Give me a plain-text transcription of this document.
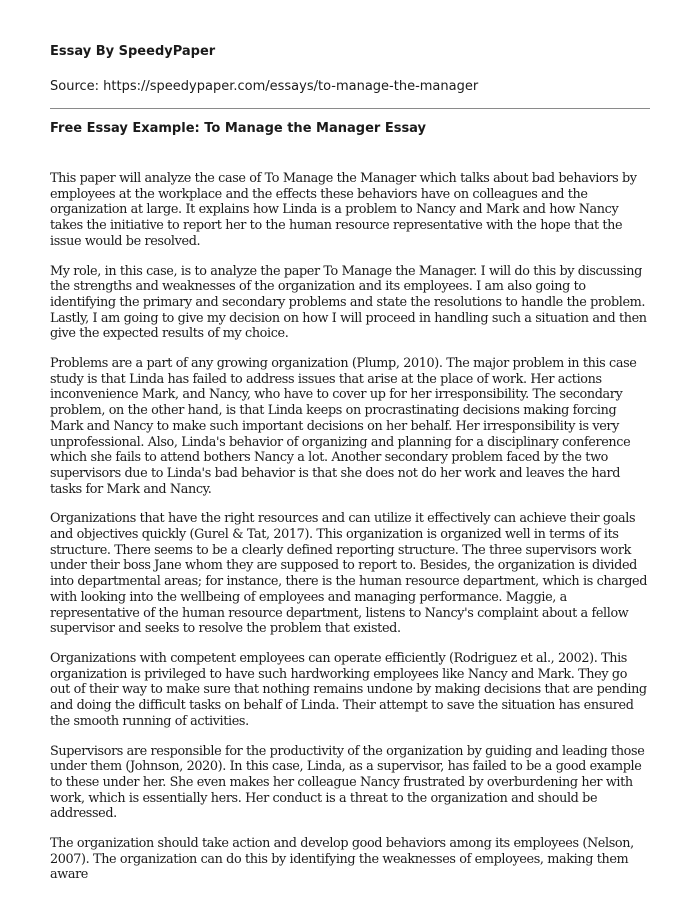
Essay By SpeedyPaper

Source: https://speedypaper.com/essays/to-manage-the-manager

Free Essay Example: To Manage the Manager Essay

This paper will analyze the case of To Manage the Manager which talks about bad behaviors by employees at the workplace and the effects these behaviors have on colleagues and the organization at large. It explains how Linda is a problem to Nancy and Mark and how Nancy takes the initiative to report her to the human resource representative with the hope that the issue would be resolved.

My role, in this case, is to analyze the paper To Manage the Manager. I will do this by discussing the strengths and weaknesses of the organization and its employees. I am also going to identifying the primary and secondary problems and state the resolutions to handle the problem. Lastly, I am going to give my decision on how I will proceed in handling such a situation and then give the expected results of my choice.

Problems are a part of any growing organization (Plump, 2010). The major problem in this case study is that Linda has failed to address issues that arise at the place of work. Her actions inconvenience Mark, and Nancy, who have to cover up for her irresponsibility. The secondary problem, on the other hand, is that Linda keeps on procrastinating decisions making forcing Mark and Nancy to make such important decisions on her behalf. Her irresponsibility is very unprofessional. Also, Linda's behavior of organizing and planning for a disciplinary conference which she fails to attend bothers Nancy a lot. Another secondary problem faced by the two supervisors due to Linda's bad behavior is that she does not do her work and leaves the hard tasks for Mark and Nancy.

Organizations that have the right resources and can utilize it effectively can achieve their goals and objectives quickly (Gurel & Tat, 2017). This organization is organized well in terms of its structure. There seems to be a clearly defined reporting structure. The three supervisors work under their boss Jane whom they are supposed to report to. Besides, the organization is divided into departmental areas; for instance, there is the human resource department, which is charged with looking into the wellbeing of employees and managing performance. Maggie, a representative of the human resource department, listens to Nancy's complaint about a fellow supervisor and seeks to resolve the problem that existed.

Organizations with competent employees can operate efficiently (Rodriguez et al., 2002). This organization is privileged to have such hardworking employees like Nancy and Mark. They go out of their way to make sure that nothing remains undone by making decisions that are pending and doing the difficult tasks on behalf of Linda. Their attempt to save the situation has ensured the smooth running of activities.

Supervisors are responsible for the productivity of the organization by guiding and leading those under them (Johnson, 2020). In this case, Linda, as a supervisor, has failed to be a good example to these under her. She even makes her colleague Nancy frustrated by overburdening her with work, which is essentially hers. Her conduct is a threat to the organization and should be addressed.

The organization should take action and develop good behaviors among its employees (Nelson, 2007). The organization can do this by identifying the weaknesses of employees, making them aware
